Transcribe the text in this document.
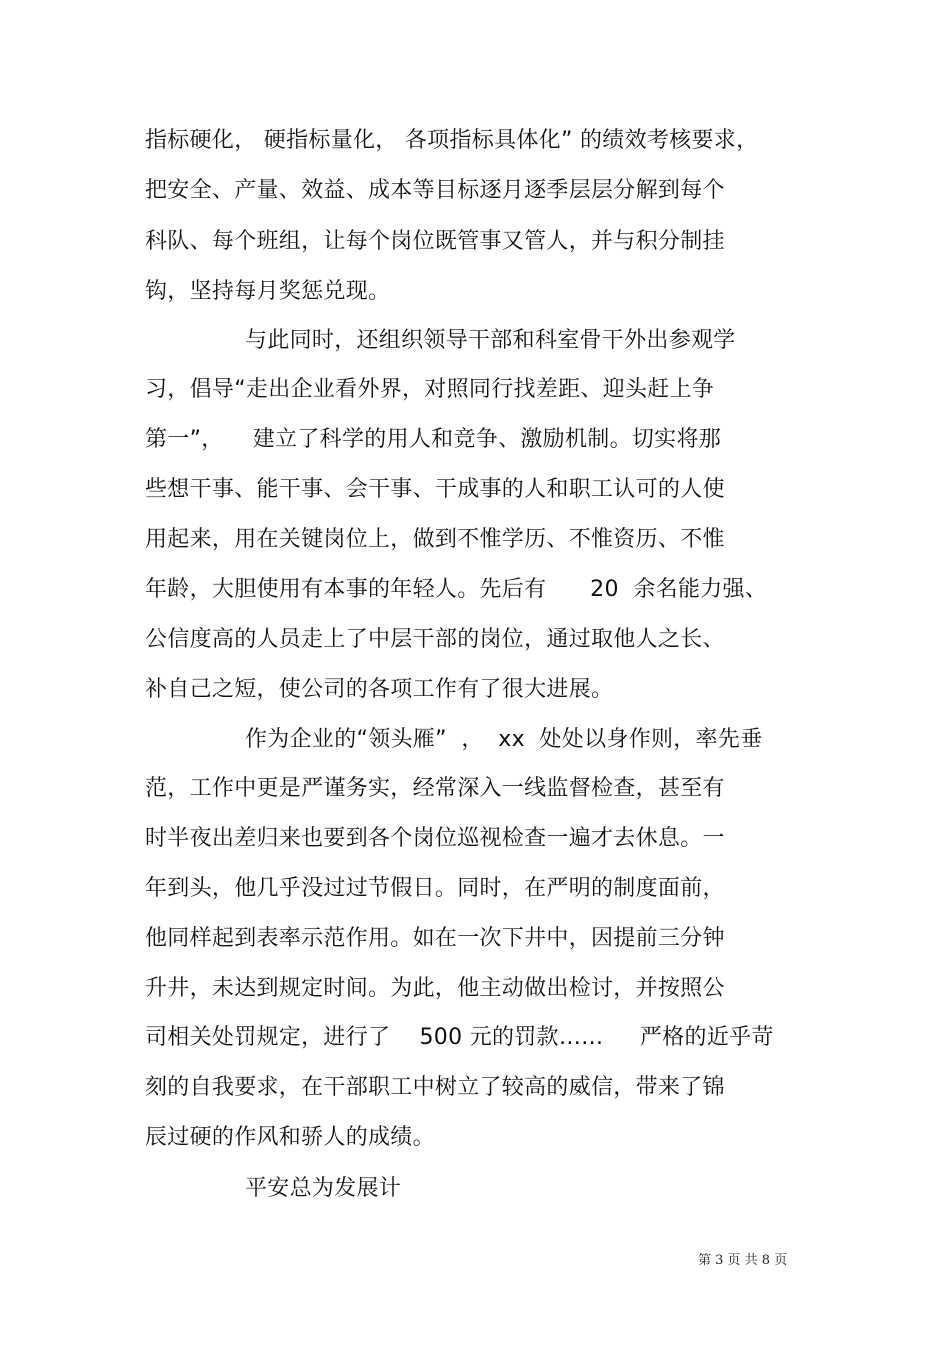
指标硬化， 硬指标量化， 各项指标具体化” 的绩效考核要求，
把安全、产量、效益、成本等目标逐月逐季层层分解到每个
科队、每个班组，让每个岗位既管事又管人，并与积分制挂
钩，坚持每月奖惩兑现。
与此同时，还组织领导干部和科室骨干外出参观学
习，倡导“走出企业看外界，对照同行找差距、迎头赶上争
第一”，    建立了科学的用人和竞争、激励机制。切实将那
些想干事、能干事、会干事、干成事的人和职工认可的人使
用起来，用在关键岗位上，做到不惟学历、不惟资历、不惟
年龄，大胆使用有本事的年轻人。先后有      20  余名能力强、
公信度高的人员走上了中层干部的岗位，通过取他人之长、
补自己之短，使公司的各项工作有了很大进展。
作为企业的“领头雁”  ，  xx  处处以身作则，率先垂
范，工作中更是严谨务实，经常深入一线监督检查，甚至有
时半夜出差归来也要到各个岗位巡视检查一遍才去休息。一
年到头，他几乎没过过节假日。同时，在严明的制度面前，
他同样起到表率示范作用。如在一次下井中，因提前三分钟
升井，未达到规定时间。为此，他主动做出检讨，并按照公
司相关处罚规定，进行了    500 元的罚款……     严格的近乎苛
刻的自我要求，在干部职工中树立了较高的威信，带来了锦
辰过硬的作风和骄人的成绩。
平安总为发展计
第 3 页 共 8 页
